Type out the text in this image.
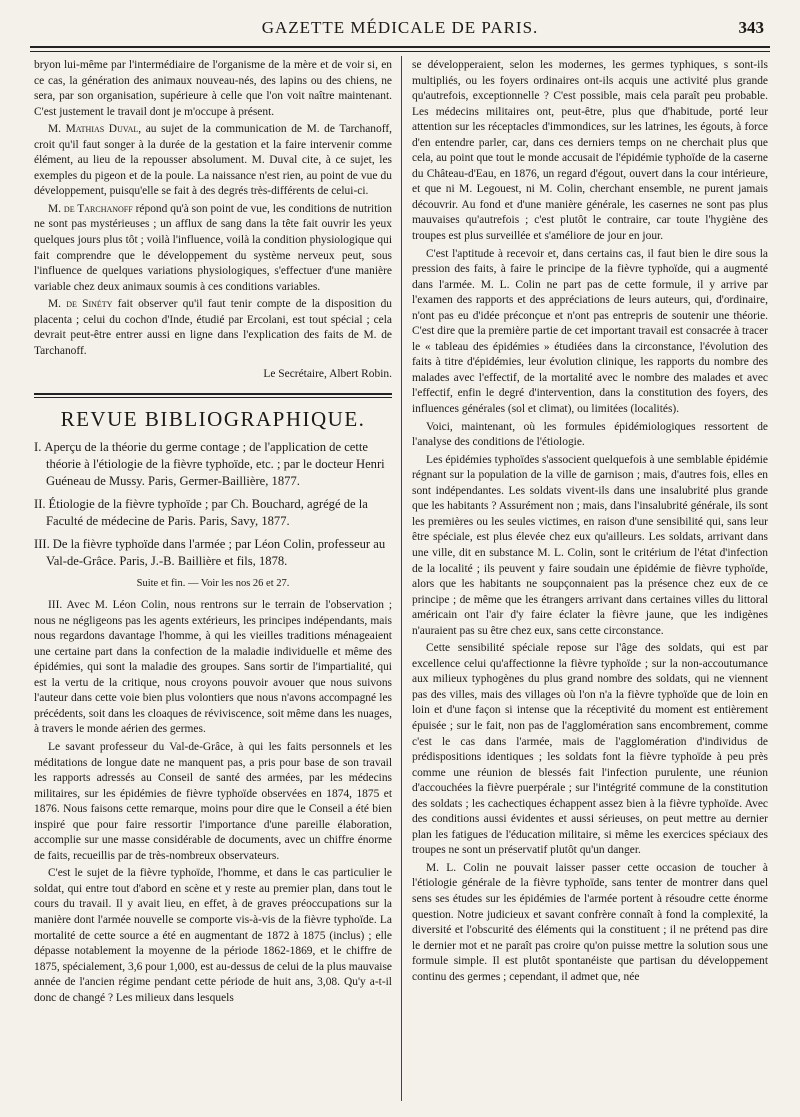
GAZETTE MÉDICALE DE PARIS.	343

bryon lui-même par l'intermédiaire de l'organisme de la mère et de voir si, en ce cas, la génération des animaux nouveau-nés, des lapins ou des chiens, ne sera, par son organisation, supérieure à celle que l'on voit naître maintenant. C'est justement le travail dont je m'occupe à présent.

M. Mathias Duval, au sujet de la communication de M. de Tarchanoff, croit qu'il faut songer à la durée de la gestation et la faire intervenir comme élément, au lieu de la repousser absolument. M. Duval cite, à ce sujet, les exemples du pigeon et de la poule. La naissance n'est rien, au point de vue du développement, puisqu'elle se fait à des degrés très-différents de celui-ci.

M. de Tarchanoff répond qu'à son point de vue, les conditions de nutrition ne sont pas mystérieuses ; un afflux de sang dans la tête fait ouvrir les yeux quelques jours plus tôt ; voilà l'influence, voilà la condition physiologique qui fait comprendre que le développement du système nerveux peut, sous l'influence de quelques variations physiologiques, s'effectuer d'une manière variable chez deux animaux soumis à ces conditions variables.

M. de Sinéty fait observer qu'il faut tenir compte de la disposition du placenta ; celui du cochon d'Inde, étudié par Ercolani, est tout spécial ; cela devrait peut-être entrer aussi en ligne dans l'explication des faits de M. de Tarchanoff.

Le Secrétaire, Albert Robin.

REVUE BIBLIOGRAPHIQUE.
I. Aperçu de la théorie du germe contage ; de l'application de cette théorie à l'étiologie de la fièvre typhoïde, etc. ; par le docteur Henri Guéneau de Mussy. Paris, Germer-Baillière, 1877.
II. Étiologie de la fièvre typhoïde ; par Ch. Bouchard, agrégé de la Faculté de médecine de Paris. Paris, Savy, 1877.
III. De la fièvre typhoïde dans l'armée ; par Léon Colin, professeur au Val-de-Grâce. Paris, J.-B. Baillière et fils, 1878.

Suite et fin. — Voir les nos 26 et 27.

III. Avec M. Léon Colin, nous rentrons sur le terrain de l'observation ; nous ne négligeons pas les agents extérieurs, les principes indépendants, mais nous regardons davantage l'homme, à qui les vieilles traditions ménageaient une certaine part dans la confection de la maladie individuelle et même des épidémies, qui sont la maladie des groupes. Sans sortir de l'impartialité, qui est la vertu de la critique, nous croyons pouvoir avouer que nous suivons l'auteur dans cette voie bien plus volontiers que nous n'avons accompagné les précédents, soit dans les cloaques de réviviscence, soit même dans les nuages, à travers le monde aérien des germes.

Le savant professeur du Val-de-Grâce, à qui les faits personnels et les méditations de longue date ne manquent pas, a pris pour base de son travail les rapports adressés au Conseil de santé des armées, par les médecins militaires, sur les épidémies de fièvre typhoïde observées en 1874, 1875 et 1876. Nous faisons cette remarque, moins pour dire que le Conseil a été bien inspiré que pour faire ressortir l'importance d'une pareille élaboration, accomplie sur une masse considérable de documents, avec un chiffre énorme de faits, recueillis par de très-nombreux observateurs.

C'est le sujet de la fièvre typhoïde, l'homme, et dans le cas particulier le soldat, qui entre tout d'abord en scène et y reste au premier plan, dans tout le cours du travail. Il y avait lieu, en effet, à de graves préoccupations sur la manière dont l'armée nouvelle se comporte vis-à-vis de la fièvre typhoïde. La mortalité de cette source a été en augmentant de 1872 à 1875 (inclus) ; elle dépasse notablement la moyenne de la période 1862-1869, et le chiffre de 1875, spécialement, 3,6 pour 1,000, est au-dessus de celui de la plus mauvaise année de l'ancien régime pendant cette période de huit ans, 3,08. Qu'y a-t-il donc de changé ? Les milieux dans lesquels

se développeraient, selon les modernes, les germes typhiques, s sont-ils multipliés, ou les foyers ordinaires ont-ils acquis une activité plus grande qu'autrefois, exceptionnelle ? C'est possible, mais cela paraît peu probable. Les médecins militaires ont, peut-être, plus que d'habitude, porté leur attention sur les réceptacles d'immondices, sur les latrines, les égouts, à force d'en entendre parler, car, dans ces derniers temps on ne cherchait plus que cela, au point que tout le monde accusait de l'épidémie typhoïde de la caserne du Château-d'Eau, en 1876, un regard d'égout, ouvert dans la cour intérieure, et que ni M. Legouest, ni M. Colin, cherchant ensemble, ne purent jamais découvrir. Au fond et d'une manière générale, les casernes ne sont pas plus mauvaises qu'autrefois ; c'est plutôt le contraire, car toute l'hygiène des troupes est plus surveillée et s'améliore de jour en jour.

C'est l'aptitude à recevoir et, dans certains cas, il faut bien le dire sous la pression des faits, à faire le principe de la fièvre typhoïde, qui a augmenté dans l'armée. M. L. Colin ne part pas de cette formule, il y arrive par l'examen des rapports et des appréciations de leurs auteurs, qui, d'ordinaire, n'ont pas eu d'idée préconçue et n'ont pas entrepris de soutenir une théorie. C'est dire que la première partie de cet important travail est consacrée à tracer le « tableau des épidémies » étudiées dans la circonstance, l'évolution des faits à titre d'épidémies, leur évolution clinique, les rapports du nombre des malades avec l'effectif, de la mortalité avec le nombre des malades et avec l'effectif, enfin le degré d'intervention, dans la constitution des foyers, des influences générales (sol et climat), ou limitées (localités).

Voici, maintenant, où les formules épidémiologiques ressortent de l'analyse des conditions de l'étiologie.

Les épidémies typhoïdes s'associent quelquefois à une semblable épidémie régnant sur la population de la ville de garnison ; mais, d'autres fois, elles en sont indépendantes. Les soldats vivent-ils dans une insalubrité plus grande que les habitants ? Assurément non ; mais, dans l'insalubrité générale, ils sont les premières ou les seules victimes, en raison d'une sensibilité qui, sans leur être spéciale, est plus élevée chez eux qu'ailleurs. Les soldats, arrivant dans une ville, dit en substance M. L. Colin, sont le critérium de l'état d'infection de la localité ; ils peuvent y faire soudain une épidémie de fièvre typhoïde, alors que les habitants ne soupçonnaient pas la présence chez eux de ce principe ; de même que les étrangers arrivant dans certaines villes du littoral américain ont l'air d'y faire éclater la fièvre jaune, que les indigènes n'auraient pas su être chez eux, sans cette circonstance.

Cette sensibilité spéciale repose sur l'âge des soldats, qui est par excellence celui qu'affectionne la fièvre typhoïde ; sur la non-accoutumance aux milieux typhogènes du plus grand nombre des soldats, qui ne viennent pas des villes, mais des villages où l'on n'a la fièvre typhoïde que de loin en loin et d'une façon si intense que la réceptivité du moment est entièrement épuisée ; sur le fait, non pas de l'agglomération sans encombrement, comme c'est le cas dans l'armée, mais de l'agglomération d'individus de prédispositions identiques ; les soldats font la fièvre typhoïde à peu près comme une réunion de blessés fait l'infection purulente, une réunion d'accouchées la fièvre puerpérale ; sur l'intégrité commune de la constitution des soldats ; les cachectiques échappent assez bien à la fièvre typhoïde. Avec des conditions aussi évidentes et aussi sérieuses, on peut mettre au dernier plan les fatigues de l'éducation militaire, si même les exercices spéciaux des troupes ne sont un préservatif plutôt qu'un danger.

M. L. Colin ne pouvait laisser passer cette occasion de toucher à l'étiologie générale de la fièvre typhoïde, sans tenter de montrer dans quel sens ses études sur les épidémies de l'armée portent à résoudre cette énorme question. Notre judicieux et savant confrère connaît à fond la complexité, la diversité et l'obscurité des éléments qui la constituent ; il ne prétend pas dire le dernier mot et ne paraît pas croire qu'on puisse mettre la solution sous une formule simple. Il est plutôt spontanéiste que partisan du développement continu des germes ; cependant, il admet que, née
